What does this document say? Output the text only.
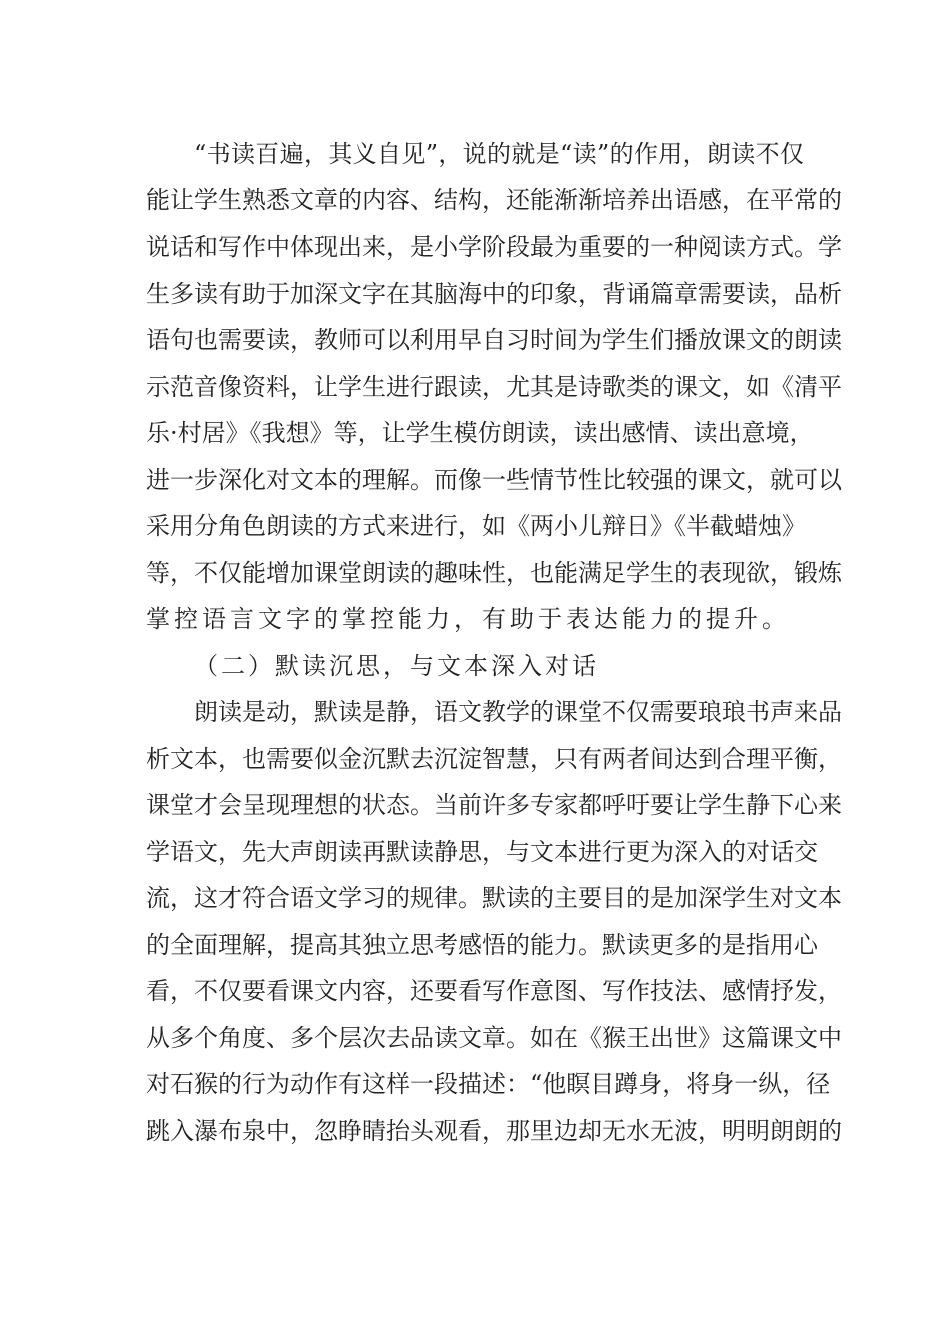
“书读百遍，其义自见”，说的就是“读”的作用，朗读不仅
能让学生熟悉文章的内容、结构，还能渐渐培养出语感，在平常的
说话和写作中体现出来，是小学阶段最为重要的一种阅读方式。学
生多读有助于加深文字在其脑海中的印象，背诵篇章需要读，品析
语句也需要读，教师可以利用早自习时间为学生们播放课文的朗读
示范音像资料，让学生进行跟读，尤其是诗歌类的课文，如《清平
乐·村居》《我想》等，让学生模仿朗读，读出感情、读出意境，
进一步深化对文本的理解。而像一些情节性比较强的课文，就可以
采用分角色朗读的方式来进行，如《两小儿辩日》《半截蜡烛》
等，不仅能增加课堂朗读的趣味性，也能满足学生的表现欲，锻炼
掌控语言文字的掌控能力，有助于表达能力的提升。
（二）默读沉思，与文本深入对话
朗读是动，默读是静，语文教学的课堂不仅需要琅琅书声来品
析文本，也需要似金沉默去沉淀智慧，只有两者间达到合理平衡，
课堂才会呈现理想的状态。当前许多专家都呼吁要让学生静下心来
学语文，先大声朗读再默读静思，与文本进行更为深入的对话交
流，这才符合语文学习的规律。默读的主要目的是加深学生对文本
的全面理解，提高其独立思考感悟的能力。默读更多的是指用心
看，不仅要看课文内容，还要看写作意图、写作技法、感情抒发，
从多个角度、多个层次去品读文章。如在《猴王出世》这篇课文中
对石猴的行为动作有这样一段描述：“他瞑目蹲身，将身一纵，径
跳入瀑布泉中，忽睁睛抬头观看，那里边却无水无波，明明朗朗的
